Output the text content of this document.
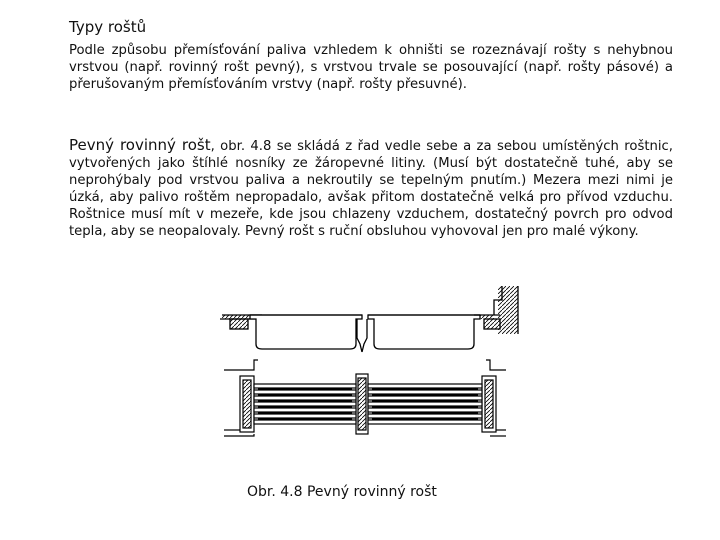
Typy roštů

Podle způsobu přemísťování paliva vzhledem k ohništi se rozeznávají rošty s nehybnou vrstvou (např. rovinný rošt pevný), s vrstvou trvale se posouvající (např. rošty pásové) a přerušovaným přemísťováním vrstvy (např. rošty přesuvné).

Pevný rovinný rošt, obr. 4.8 se skládá z řad vedle sebe a za sebou umístěných roštnic, vytvořených jako štíhlé nosníky ze žáropevné litiny. (Musí být dostatečně tuhé, aby se neprohýbaly pod vrstvou paliva a nekroutily se tepelným pnutím.) Mezera mezi nimi je úzká, aby palivo roštěm nepropadalo, avšak přitom dostatečně velká pro přívod vzduchu. Roštnice musí mít v mezeře, kde jsou chlazeny vzduchem, dostatečný povrch pro odvod tepla, aby se neopalovaly. Pevný rošt s ruční obsluhou vyhovoval jen pro malé výkony.

Obr. 4.8 Pevný rovinný rošt
